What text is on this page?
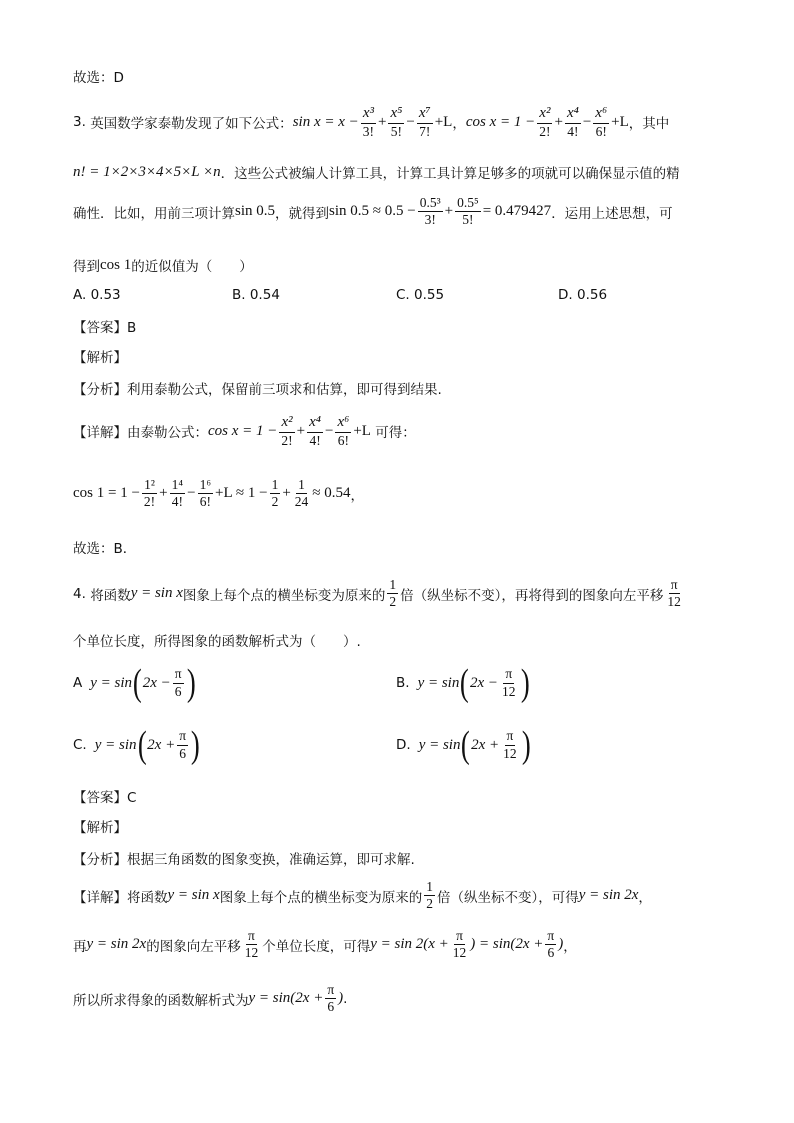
故选：D
3.
英国数学家泰勒发现了如下公式： $\sin x = x - \frac{\text{x³}}{3!} + \frac{\text{x⁵}}{5!} - \frac{\text{x⁷}}{7!} +L$ ， $\cos x = 1 - \frac{\text{x²}}{2!} + \frac{\text{x⁴}}{4!} - \frac{\text{x⁶}}{6!} +L$ ，其中
n! = 1×2×3×4×5×L ×n ．这些公式被编人计算工具，计算工具计算足够多的项就可以确保显示值的精
确性．比如，用前三项计算 sin 0.5 ，就得到 $\sin 0.5 \approx 0.5 - \frac{\text{0.5³}}{3!} + \frac{\text{0.5⁵}}{5!} = 0.479427$ ．运用上述思想，可
得到 cos 1 的近似值为（　　）
A. 0.53	B. 0.54	C. 0.55	D. 0.56
【答案】B
【解析】
【分析】利用泰勒公式，保留前三项求和估算，即可得到结果.
【详解】由泰勒公式： $\cos x = 1 - \frac{\text{x²}}{2!} + \frac{\text{x⁴}}{4!} - \frac{\text{x⁶}}{6!} +L$
可得：
$\cos 1 = 1 - \frac{\text{1²}}{2!} + \frac{\text{1⁴}}{4!} - \frac{\text{1⁶}}{6!} +L \approx 1 - \frac{1}{2} + \frac{1}{24} \approx 0.54$ ，
故选：B．
4.
将函数 y = sin x 图象上每个点的横坐标变为原来的 $\frac{1}{2}$ 倍（纵坐标不变），再将得到的图象向左平移 $\frac{\pi}{12}$
个单位长度，所得图象的函数解析式为（　　）.
A y = sin ( $2x - \frac{\pi}{6}$ )	B. y = sin ( $2x - \frac{\pi}{12}$ )
C. y = sin ( $2x + \frac{\pi}{6}$ )	D. y = sin ( $2x + \frac{\pi}{12}$ )
【答案】C
【解析】
【分析】根据三角函数的图象变换，准确运算，即可求解.
【详解】将函数 y = sin x 图象上每个点的横坐标变为原来的 $\frac{1}{2}$ 倍（纵坐标不变），可得 y = sin 2x ，
再 y = sin 2x 的图象向左平移 $\frac{\pi}{12}$ 个单位长度，可得 $y = \sin 2(x + \frac{\pi}{12}$ ) = $\sin(2x + \frac{\pi}{6}$ ) ，
所以所求得象的函数解析式为 $y = \sin(2x + \frac{\pi}{6}$ ) .
